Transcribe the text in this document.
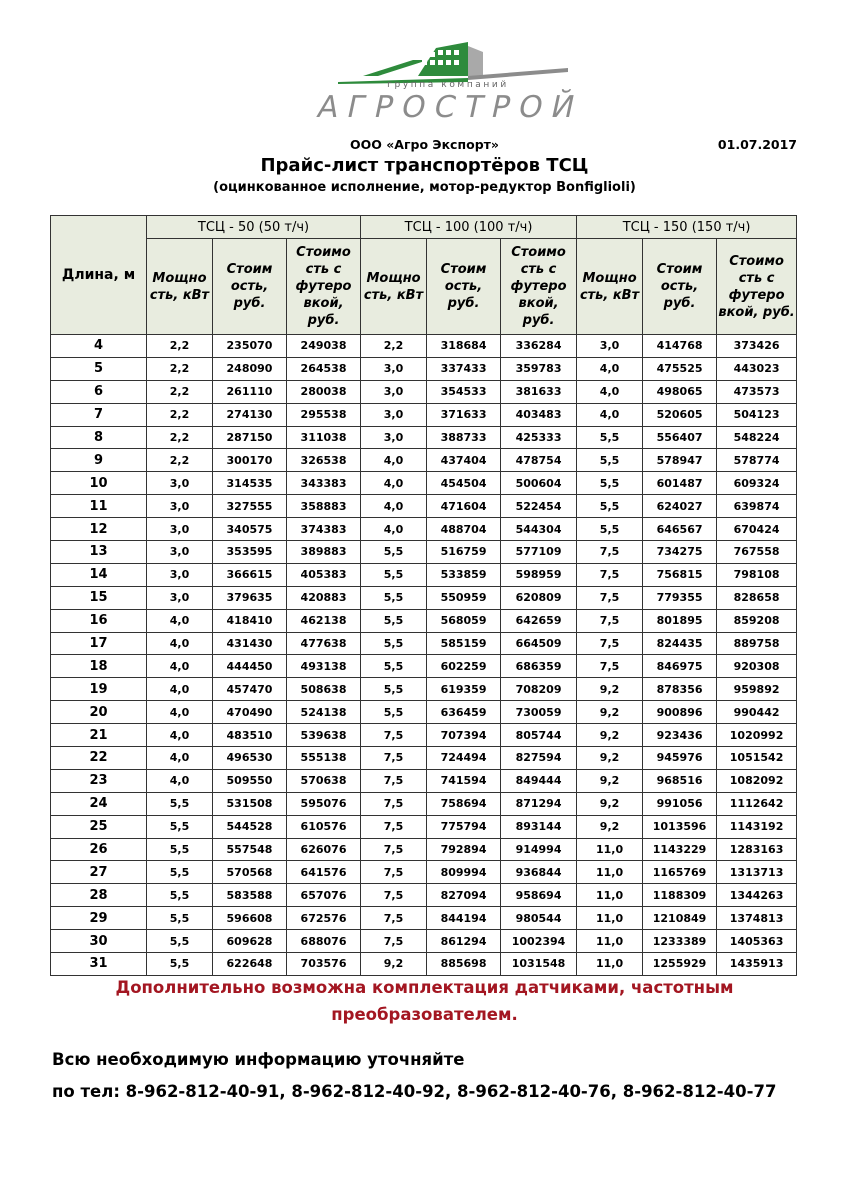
группа компаний
АГРОСТРОЙ
ООО «Агро Экспорт»	01.07.2017
Прайс-лист транспортёров ТСЦ
(оцинкованное исполнение, мотор-редуктор Bonfiglioli)
Длина, м	ТСЦ - 50 (50 т/ч)			ТСЦ - 100 (100 т/ч)			ТСЦ - 150 (150 т/ч)		
	Мощно сть, кВт	Стоим ость, руб.	Стоимо сть с футеро вкой, руб.	Мощно сть, кВт	Стоим ость, руб.	Стоимо сть с футеро вкой, руб.	Мощно сть, кВт	Стоим ость, руб.	Стоимо сть с футеро вкой, руб.
4	2,2	235070	249038	2,2	318684	336284	3,0	414768	373426
5	2,2	248090	264538	3,0	337433	359783	4,0	475525	443023
6	2,2	261110	280038	3,0	354533	381633	4,0	498065	473573
7	2,2	274130	295538	3,0	371633	403483	4,0	520605	504123
8	2,2	287150	311038	3,0	388733	425333	5,5	556407	548224
9	2,2	300170	326538	4,0	437404	478754	5,5	578947	578774
10	3,0	314535	343383	4,0	454504	500604	5,5	601487	609324
11	3,0	327555	358883	4,0	471604	522454	5,5	624027	639874
12	3,0	340575	374383	4,0	488704	544304	5,5	646567	670424
13	3,0	353595	389883	5,5	516759	577109	7,5	734275	767558
14	3,0	366615	405383	5,5	533859	598959	7,5	756815	798108
15	3,0	379635	420883	5,5	550959	620809	7,5	779355	828658
16	4,0	418410	462138	5,5	568059	642659	7,5	801895	859208
17	4,0	431430	477638	5,5	585159	664509	7,5	824435	889758
18	4,0	444450	493138	5,5	602259	686359	7,5	846975	920308
19	4,0	457470	508638	5,5	619359	708209	9,2	878356	959892
20	4,0	470490	524138	5,5	636459	730059	9,2	900896	990442
21	4,0	483510	539638	7,5	707394	805744	9,2	923436	1020992
22	4,0	496530	555138	7,5	724494	827594	9,2	945976	1051542
23	4,0	509550	570638	7,5	741594	849444	9,2	968516	1082092
24	5,5	531508	595076	7,5	758694	871294	9,2	991056	1112642
25	5,5	544528	610576	7,5	775794	893144	9,2	1013596	1143192
26	5,5	557548	626076	7,5	792894	914994	11,0	1143229	1283163
27	5,5	570568	641576	7,5	809994	936844	11,0	1165769	1313713
28	5,5	583588	657076	7,5	827094	958694	11,0	1188309	1344263
29	5,5	596608	672576	7,5	844194	980544	11,0	1210849	1374813
30	5,5	609628	688076	7,5	861294	1002394	11,0	1233389	1405363
31	5,5	622648	703576	9,2	885698	1031548	11,0	1255929	1435913
Дополнительно возможна комплектация датчиками, частотным
преобразователем.
Всю необходимую информацию уточняйте
по тел: 8-962-812-40-91, 8-962-812-40-92, 8-962-812-40-76, 8-962-812-40-77
